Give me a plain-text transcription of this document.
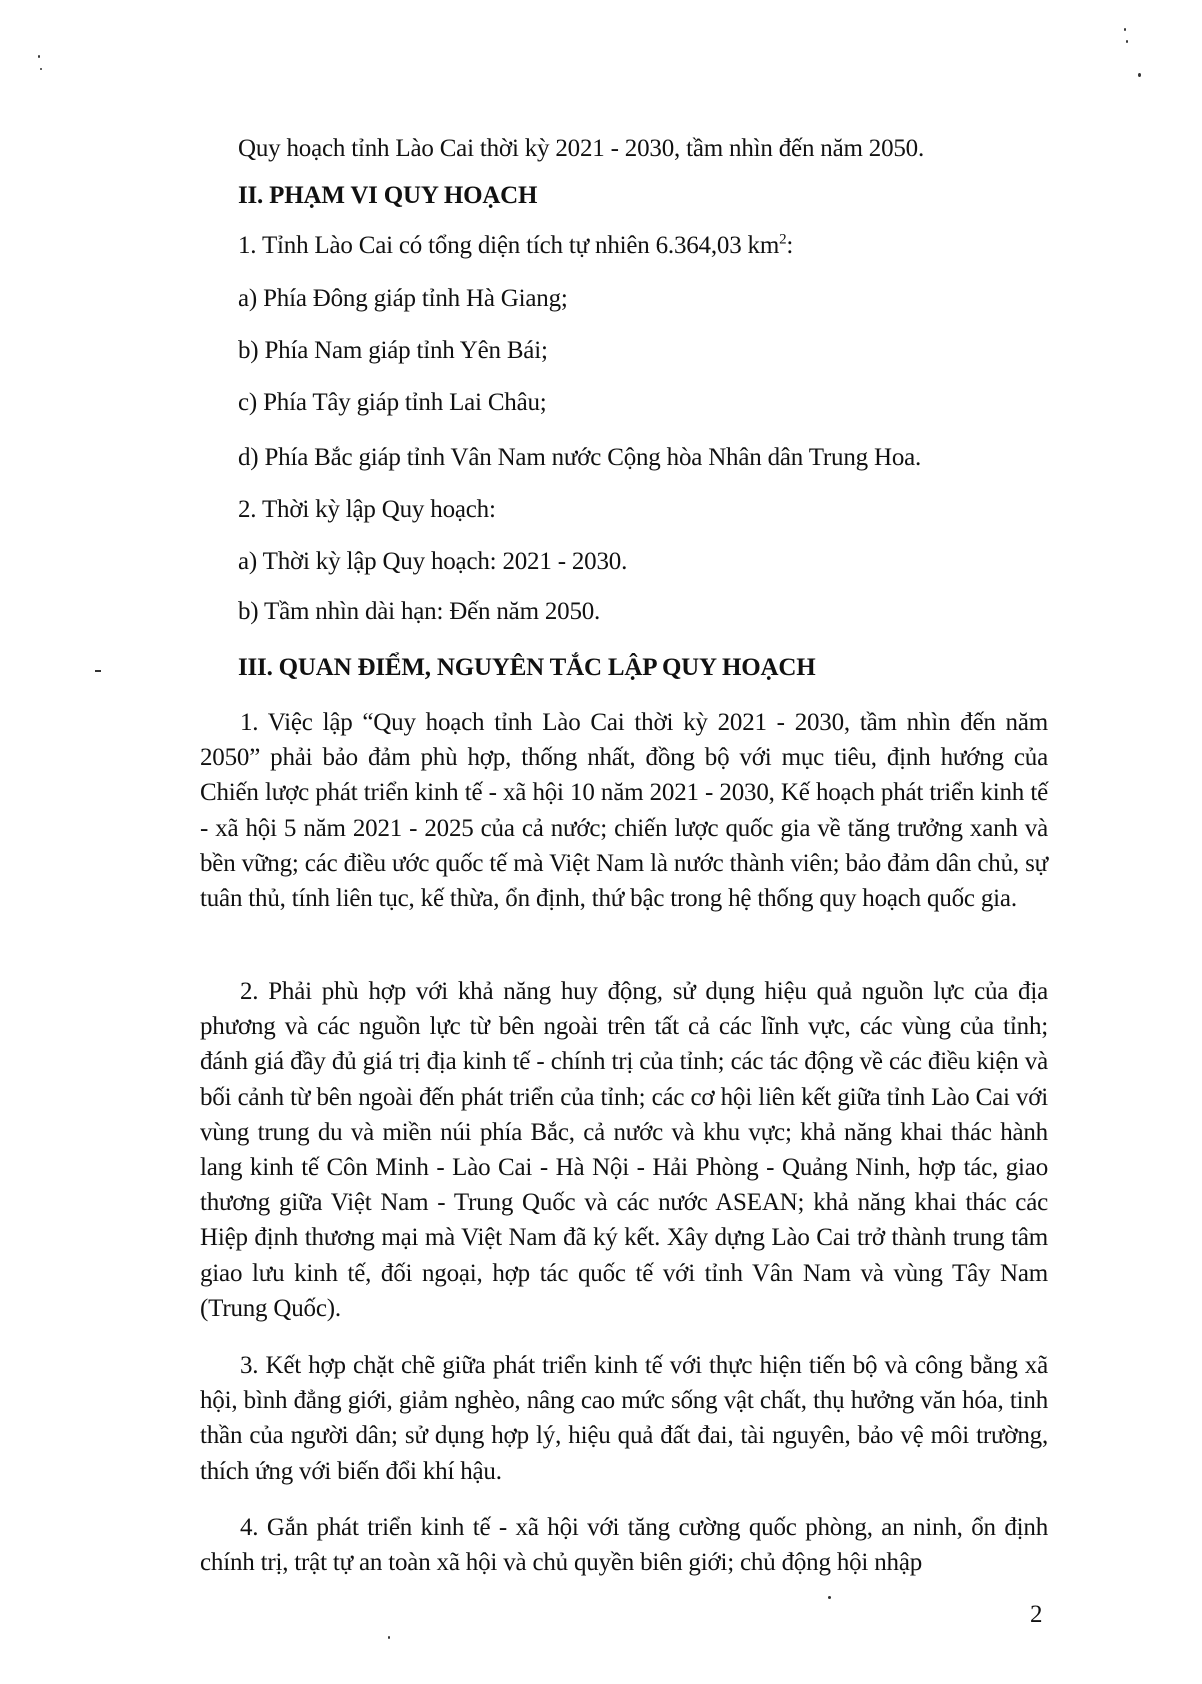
Quy hoạch tỉnh Lào Cai thời kỳ 2021 - 2030, tầm nhìn đến năm 2050.
II. PHẠM VI QUY HOẠCH
1. Tỉnh Lào Cai có tổng diện tích tự nhiên 6.364,03 $km^2$:
a) Phía Đông giáp tỉnh Hà Giang;
b) Phía Nam giáp tỉnh Yên Bái;
c) Phía Tây giáp tỉnh Lai Châu;
d) Phía Bắc giáp tỉnh Vân Nam nước Cộng hòa Nhân dân Trung Hoa.
2. Thời kỳ lập Quy hoạch:
a) Thời kỳ lập Quy hoạch: 2021 - 2030.
b) Tầm nhìn dài hạn: Đến năm 2050.
III. QUAN ĐIỂM, NGUYÊN TẮC LẬP QUY HOẠCH
1. Việc lập “Quy hoạch tỉnh Lào Cai thời kỳ 2021 - 2030, tầm nhìn đến năm 2050” phải bảo đảm phù hợp, thống nhất, đồng bộ với mục tiêu, định hướng của Chiến lược phát triển kinh tế - xã hội 10 năm 2021 - 2030, Kế hoạch phát triển kinh tế - xã hội 5 năm 2021 - 2025 của cả nước; chiến lược quốc gia về tăng trưởng xanh và bền vững; các điều ước quốc tế mà Việt Nam là nước thành viên; bảo đảm dân chủ, sự tuân thủ, tính liên tục, kế thừa, ổn định, thứ bậc trong hệ thống quy hoạch quốc gia.
2. Phải phù hợp với khả năng huy động, sử dụng hiệu quả nguồn lực của địa phương và các nguồn lực từ bên ngoài trên tất cả các lĩnh vực, các vùng của tỉnh; đánh giá đầy đủ giá trị địa kinh tế - chính trị của tỉnh; các tác động về các điều kiện và bối cảnh từ bên ngoài đến phát triển của tỉnh; các cơ hội liên kết giữa tỉnh Lào Cai với vùng trung du và miền núi phía Bắc, cả nước và khu vực; khả năng khai thác hành lang kinh tế Côn Minh - Lào Cai - Hà Nội - Hải Phòng - Quảng Ninh, hợp tác, giao thương giữa Việt Nam - Trung Quốc và các nước ASEAN; khả năng khai thác các Hiệp định thương mại mà Việt Nam đã ký kết. Xây dựng Lào Cai trở thành trung tâm giao lưu kinh tế, đối ngoại, hợp tác quốc tế với tỉnh Vân Nam và vùng Tây Nam (Trung Quốc).
3. Kết hợp chặt chẽ giữa phát triển kinh tế với thực hiện tiến bộ và công bằng xã hội, bình đẳng giới, giảm nghèo, nâng cao mức sống vật chất, thụ hưởng văn hóa, tinh thần của người dân; sử dụng hợp lý, hiệu quả đất đai, tài nguyên, bảo vệ môi trường, thích ứng với biến đổi khí hậu.
4. Gắn phát triển kinh tế - xã hội với tăng cường quốc phòng, an ninh, ổn định chính trị, trật tự an toàn xã hội và chủ quyền biên giới; chủ động hội nhập
2
